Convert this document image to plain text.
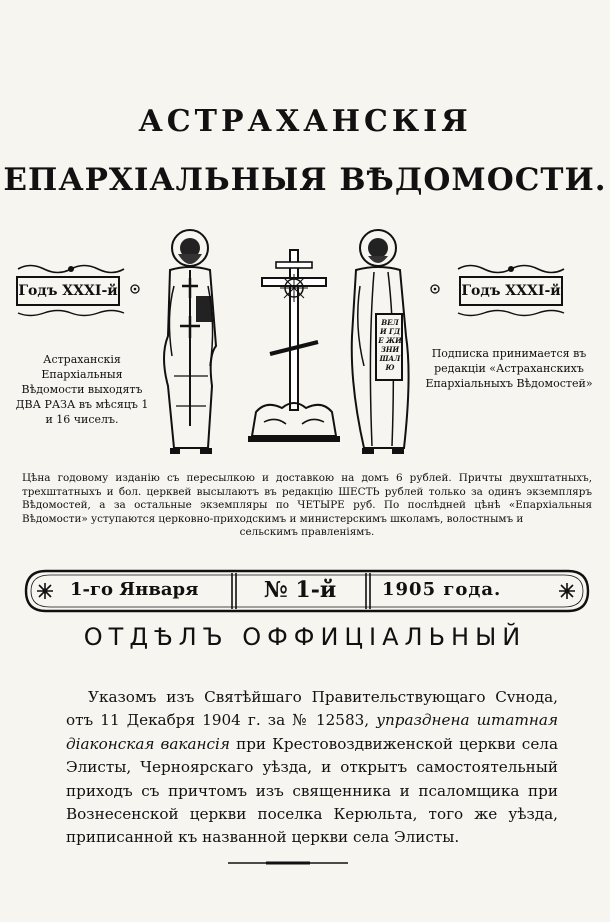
АСТРАХАНСКІЯ
ЕПАРХІАЛЬНЫЯ ВѢДОМОСТИ.
Годъ ХХХІ-й	Годъ ХХХІ-й
ВЕЛИ ГДЕ ЖИЗНИ ШАЛЮ
Астраханскія Епархіальныя Вѣдомости выходятъ ДВА РАЗА въ мѣсяцъ 1 и 16 чиселъ.
Подписка принимается въ редакціи «Астраханскихъ Епархіальныхъ Вѣдомостей»
Цѣна годовому изданію съ пересылкою и доставкою на домъ 6 рублей. Причты двухштатныхъ, трехштатныхъ и бол. церквей высылаютъ въ редакцію ШЕСТЬ рублей только за одинъ экземпляръ Вѣдомостей, а за остальные экземпляры по ЧЕТЫРЕ руб. По послѣдней цѣнѣ «Епархіальныя Вѣдомости» уступаются церковно-приходскимъ и министерскимъ школамъ, волостнымъ и
сельскимъ правленіямъ.
1-го Января	№ 1-й	1905 года.
ОТДѢЛЪ ОФФИЦІАЛЬНЫЙ
Указомъ изъ Святѣйшаго Правительствующаго Сvнода, отъ 11 Декабря 1904 г. за № 12583, упразднена штатная діаконская вакансія при Крестовоздвиженской церкви села Элисты, Черноярскаго уѣзда, и открытъ самостоятельный приходъ съ причтомъ изъ священника и псаломщика при Вознесенской церкви поселка Керюльта, того же уѣзда, приписанной къ названной церкви села Элисты.
